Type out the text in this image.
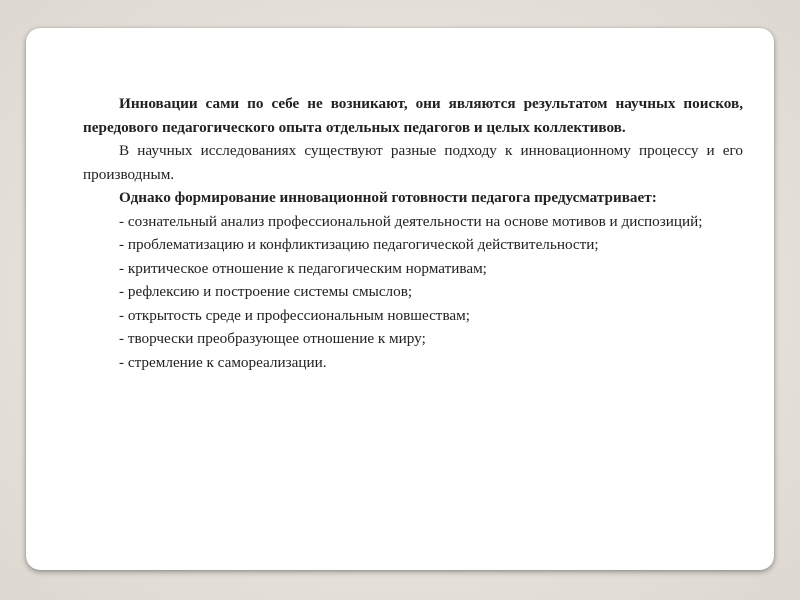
Инновации сами по себе не возникают, они являются результатом научных поисков, передового педагогического опыта отдельных педагогов и целых коллективов.

В научных исследованиях существуют разные подходу к инновационному процессу и его производным.

Однако формирование инновационной готовности педагога предусматривает:

- сознательный анализ профессиональной деятельности на основе мотивов и диспозиций;

- проблематизацию и конфликтизацию педагогической действительности;

- критическое отношение к педагогическим нормативам;

- рефлексию и построение системы смыслов;

- открытость среде и профессиональным новшествам;

- творчески преобразующее отношение к миру;

- стремление к самореализации.
